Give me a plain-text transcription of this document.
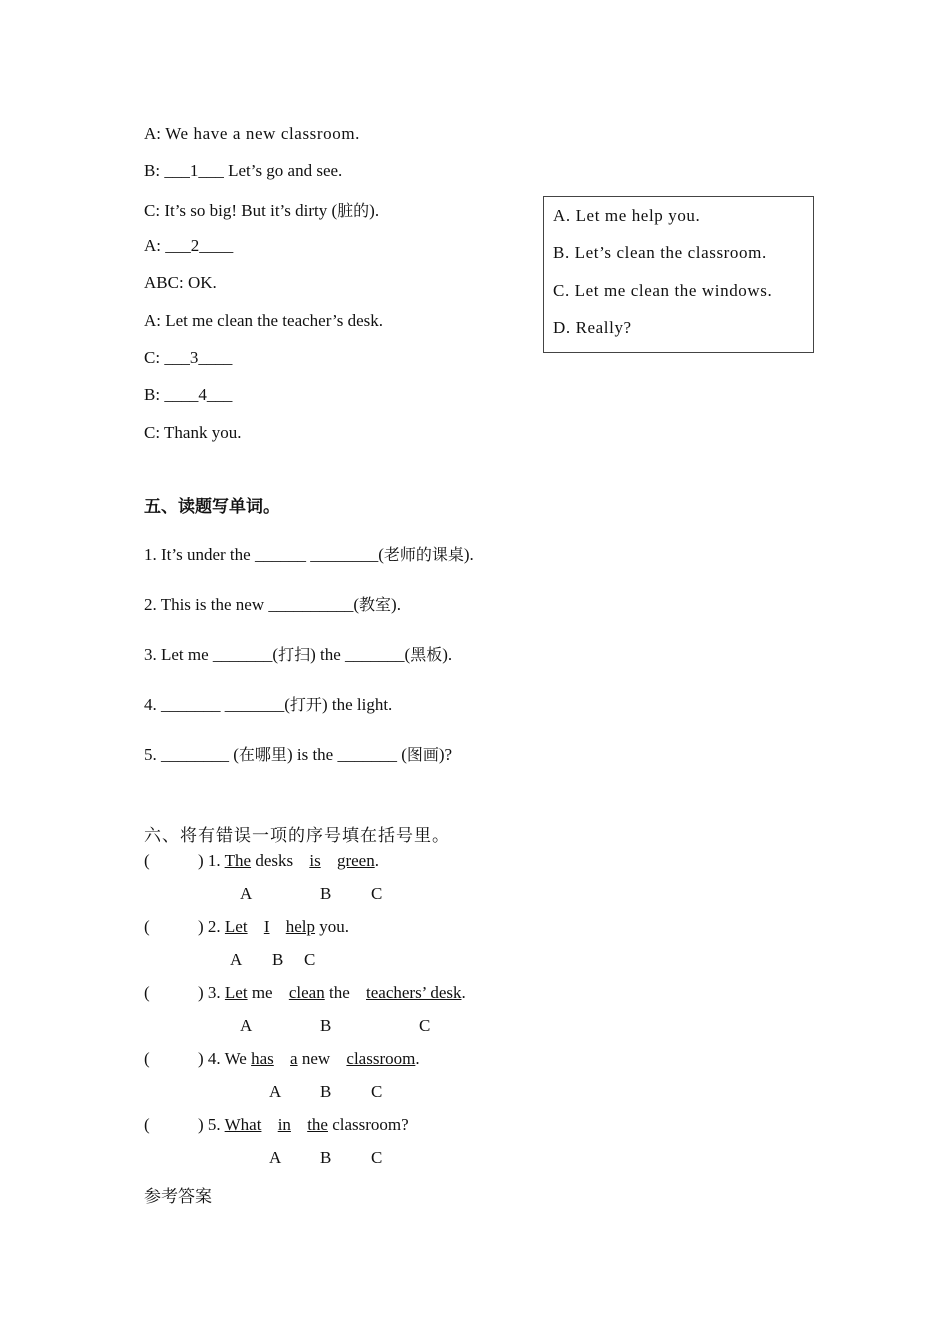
A: We have a new classroom.
B: ___1___ Let’s go and see.
C: It’s so big! But it’s dirty (脏的).
A: ___2____
ABC: OK.
A: Let me clean the teacher’s desk.
C: ___3____
B: ____4___
C: Thank you.
A. Let me help you.
B. Let’s clean the classroom.
C. Let me clean the windows.
D. Really?
五、读题写单词。
1. It’s under the ______ ________(老师的课桌).
2. This is the new __________(教室).
3. Let me _______(打扫) the _______(黑板).
4. _______ _______(打开) the light.
5. ________ (在哪里) is the _______ (图画)?
六、将有错误一项的序号填在括号里。
(	) 1. The desks is green.
A	B C
(	) 2. Let I help you.
A B C
(	) 3. Let me clean the teachers’ desk.
A	B	C
(	) 4. We has a new classroom.
A B C
(	) 5. What in the classroom?
A B C
参考答案
